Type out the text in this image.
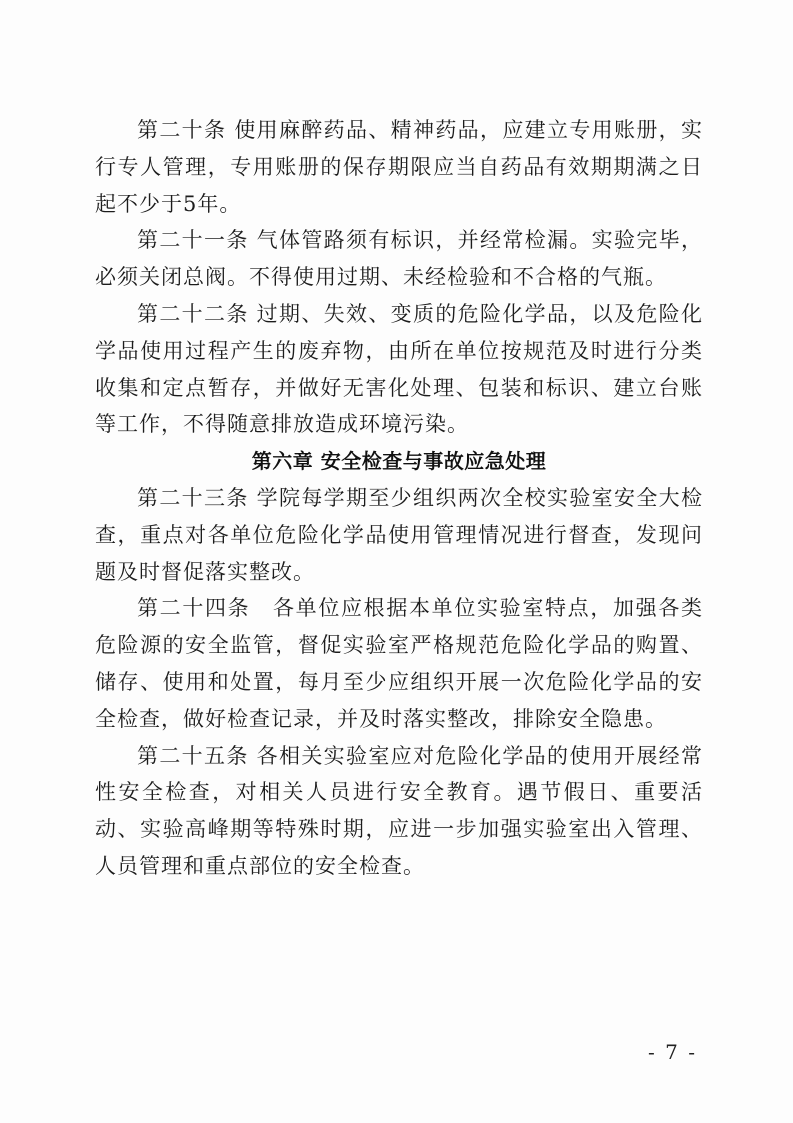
第二十条 使用麻醉药品、精神药品，应建立专用账册，实行专人管理，专用账册的保存期限应当自药品有效期期满之日起不少于5年。

第二十一条 气体管路须有标识，并经常检漏。实验完毕，必须关闭总阀。不得使用过期、未经检验和不合格的气瓶。

第二十二条 过期、失效、变质的危险化学品，以及危险化学品使用过程产生的废弃物，由所在单位按规范及时进行分类收集和定点暂存，并做好无害化处理、包装和标识、建立台账等工作，不得随意排放造成环境污染。

第六章 安全检查与事故应急处理

第二十三条 学院每学期至少组织两次全校实验室安全大检查，重点对各单位危险化学品使用管理情况进行督查，发现问题及时督促落实整改。

第二十四条　各单位应根据本单位实验室特点，加强各类危险源的安全监管，督促实验室严格规范危险化学品的购置、储存、使用和处置，每月至少应组织开展一次危险化学品的安全检查，做好检查记录，并及时落实整改，排除安全隐患。

第二十五条 各相关实验室应对危险化学品的使用开展经常性安全检查，对相关人员进行安全教育。遇节假日、重要活动、实验高峰期等特殊时期，应进一步加强实验室出入管理、人员管理和重点部位的安全检查。

- 7 -
